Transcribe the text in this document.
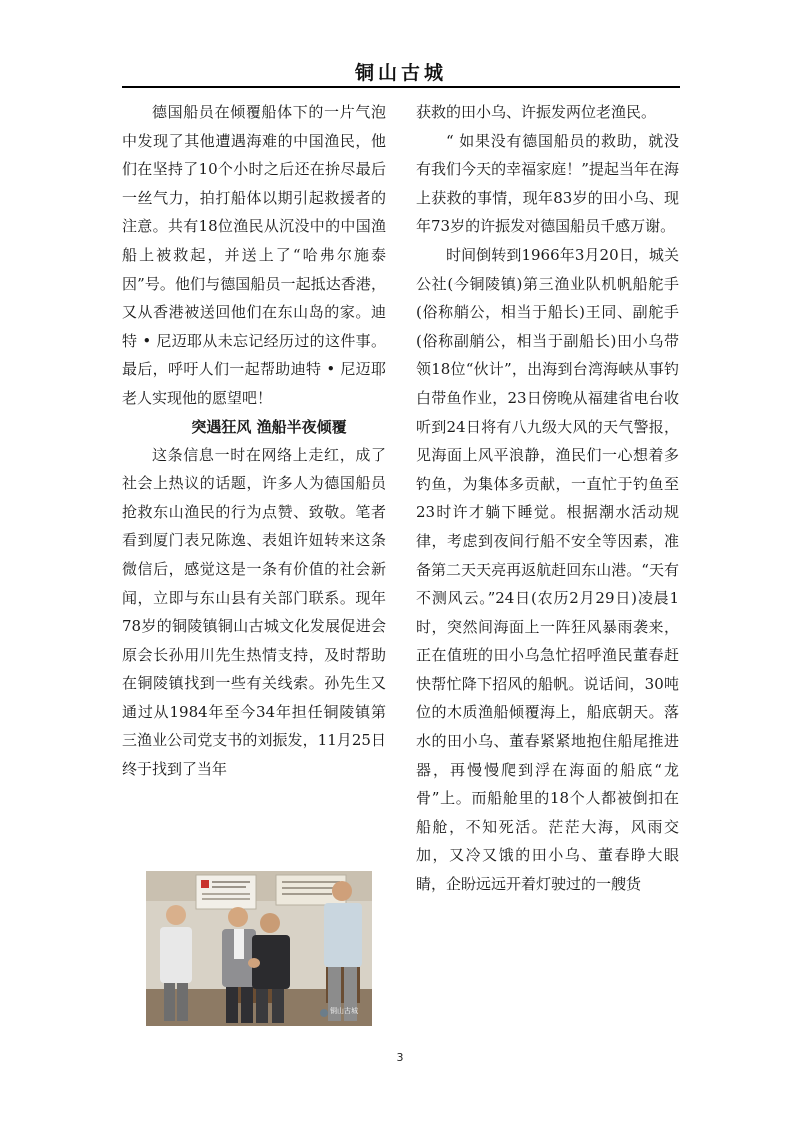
铜山古城

德国船员在倾覆船体下的一片气泡中发现了其他遭遇海难的中国渔民，他们在坚持了10个小时之后还在拚尽最后一丝气力，拍打船体以期引起救援者的注意。共有18位渔民从沉没中的中国渔船上被救起，并送上了“哈弗尔施泰因”号。他们与德国船员一起抵达香港，又从香港被送回他们在东山岛的家。迪特 • 尼迈耶从未忘记经历过的这件事。最后，呼吁人们一起帮助迪特 • 尼迈耶老人实现他的愿望吧！

突遇狂风 渔船半夜倾覆

这条信息一时在网络上走红，成了社会上热议的话题，许多人为德国船员抢救东山渔民的行为点赞、致敬。笔者看到厦门表兄陈逸、表姐许妞转来这条微信后，感觉这是一条有价值的社会新闻，立即与东山县有关部门联系。现年78岁的铜陵镇铜山古城文化发展促进会原会长孙用川先生热情支持，及时帮助在铜陵镇找到一些有关线索。孙先生又通过从1984年至今34年担任铜陵镇第三渔业公司党支书的刘振发，11月25日终于找到了当年

铜山古城

获救的田小乌、许振发两位老渔民。

“ 如果没有德国船员的救助，就没有我们今天的幸福家庭！”提起当年在海上获救的事情，现年83岁的田小乌、现年73岁的许振发对德国船员千感万谢。

时间倒转到1966年3月20日，城关公社(今铜陵镇)第三渔业队机帆船舵手(俗称艄公，相当于船长)王同、副舵手(俗称副艄公，相当于副船长)田小乌带领18位“伙计”，出海到台湾海峡从事钓白带鱼作业，23日傍晚从福建省电台收听到24日将有八九级大风的天气警报，见海面上风平浪静，渔民们一心想着多钓鱼，为集体多贡献，一直忙于钓鱼至23时许才躺下睡觉。根据潮水活动规律，考虑到夜间行船不安全等因素，准备第二天天亮再返航赶回东山港。“天有不测风云。”24日(农历2月29日)凌晨1时，突然间海面上一阵狂风暴雨袭来，正在值班的田小乌急忙招呼渔民董春赶快帮忙降下招风的船帆。说话间，30吨位的木质渔船倾覆海上，船底朝天。落水的田小乌、董春紧紧地抱住船尾推进器，再慢慢爬到浮在海面的船底“龙骨”上。而船舱里的18个人都被倒扣在船舱，不知死活。茫茫大海，风雨交加，又冷又饿的田小乌、董春睁大眼睛，企盼远远开着灯驶过的一艘货

3
